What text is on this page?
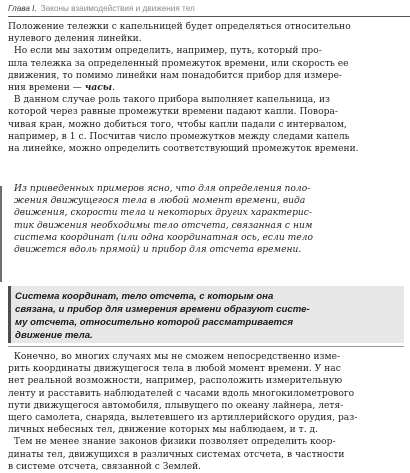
Глава I. Законы взаимодействия и движения тел

Положение тележки с капельницей будет определяться относительно
нулевого деления линейки.

Но если мы захотим определить, например, путь, который про-
шла тележка за определенный промежуток времени, или скорость ее
движения, то помимо линейки нам понадобится прибор для измере-
ния времени — часы.

В данном случае роль такого прибора выполняет капельница, из
которой через равные промежутки времени падают капли. Поворa-
чивая кран, можно добиться того, чтобы капли падали с интервалом,
например, в 1 с. Посчитав число промежутков между следами капель
на линейке, можно определить соответствующий промежуток времени.

Из приведенных примеров ясно, что для определения поло-
жения движущегося тела в любой момент времени, вида
движения, скорости тела и некоторых других характерис-
тик движения необходимы тело отсчета, связанная с ним
система координат (или одна координатная ось, если тело
движется вдоль прямой) и прибор для отсчета времени.

Система координат, тело отсчета, с которым она
связана, и прибор для измерения времени образуют систе-
му отсчета, относительно которой рассматривается
движение тела.

Конечно, во многих случаях мы не сможем непосредственно изме-
рить координаты движущегося тела в любой момент времени. У нас
нет реальной возможности, например, расположить измерительную
ленту и расставить наблюдателей с часами вдоль многокилометрового
пути движущегося автомобиля, плывущего по океану лайнера, летя-
щего самолета, снаряда, вылетевшего из артиллерийского орудия, раз-
личных небесных тел, движение которых мы наблюдаем, и т. д.

Тем не менее знание законов физики позволяет определить коор-
динаты тел, движущихся в различных системах отсчета, в частности
в системе отсчета, связанной с Землей.
